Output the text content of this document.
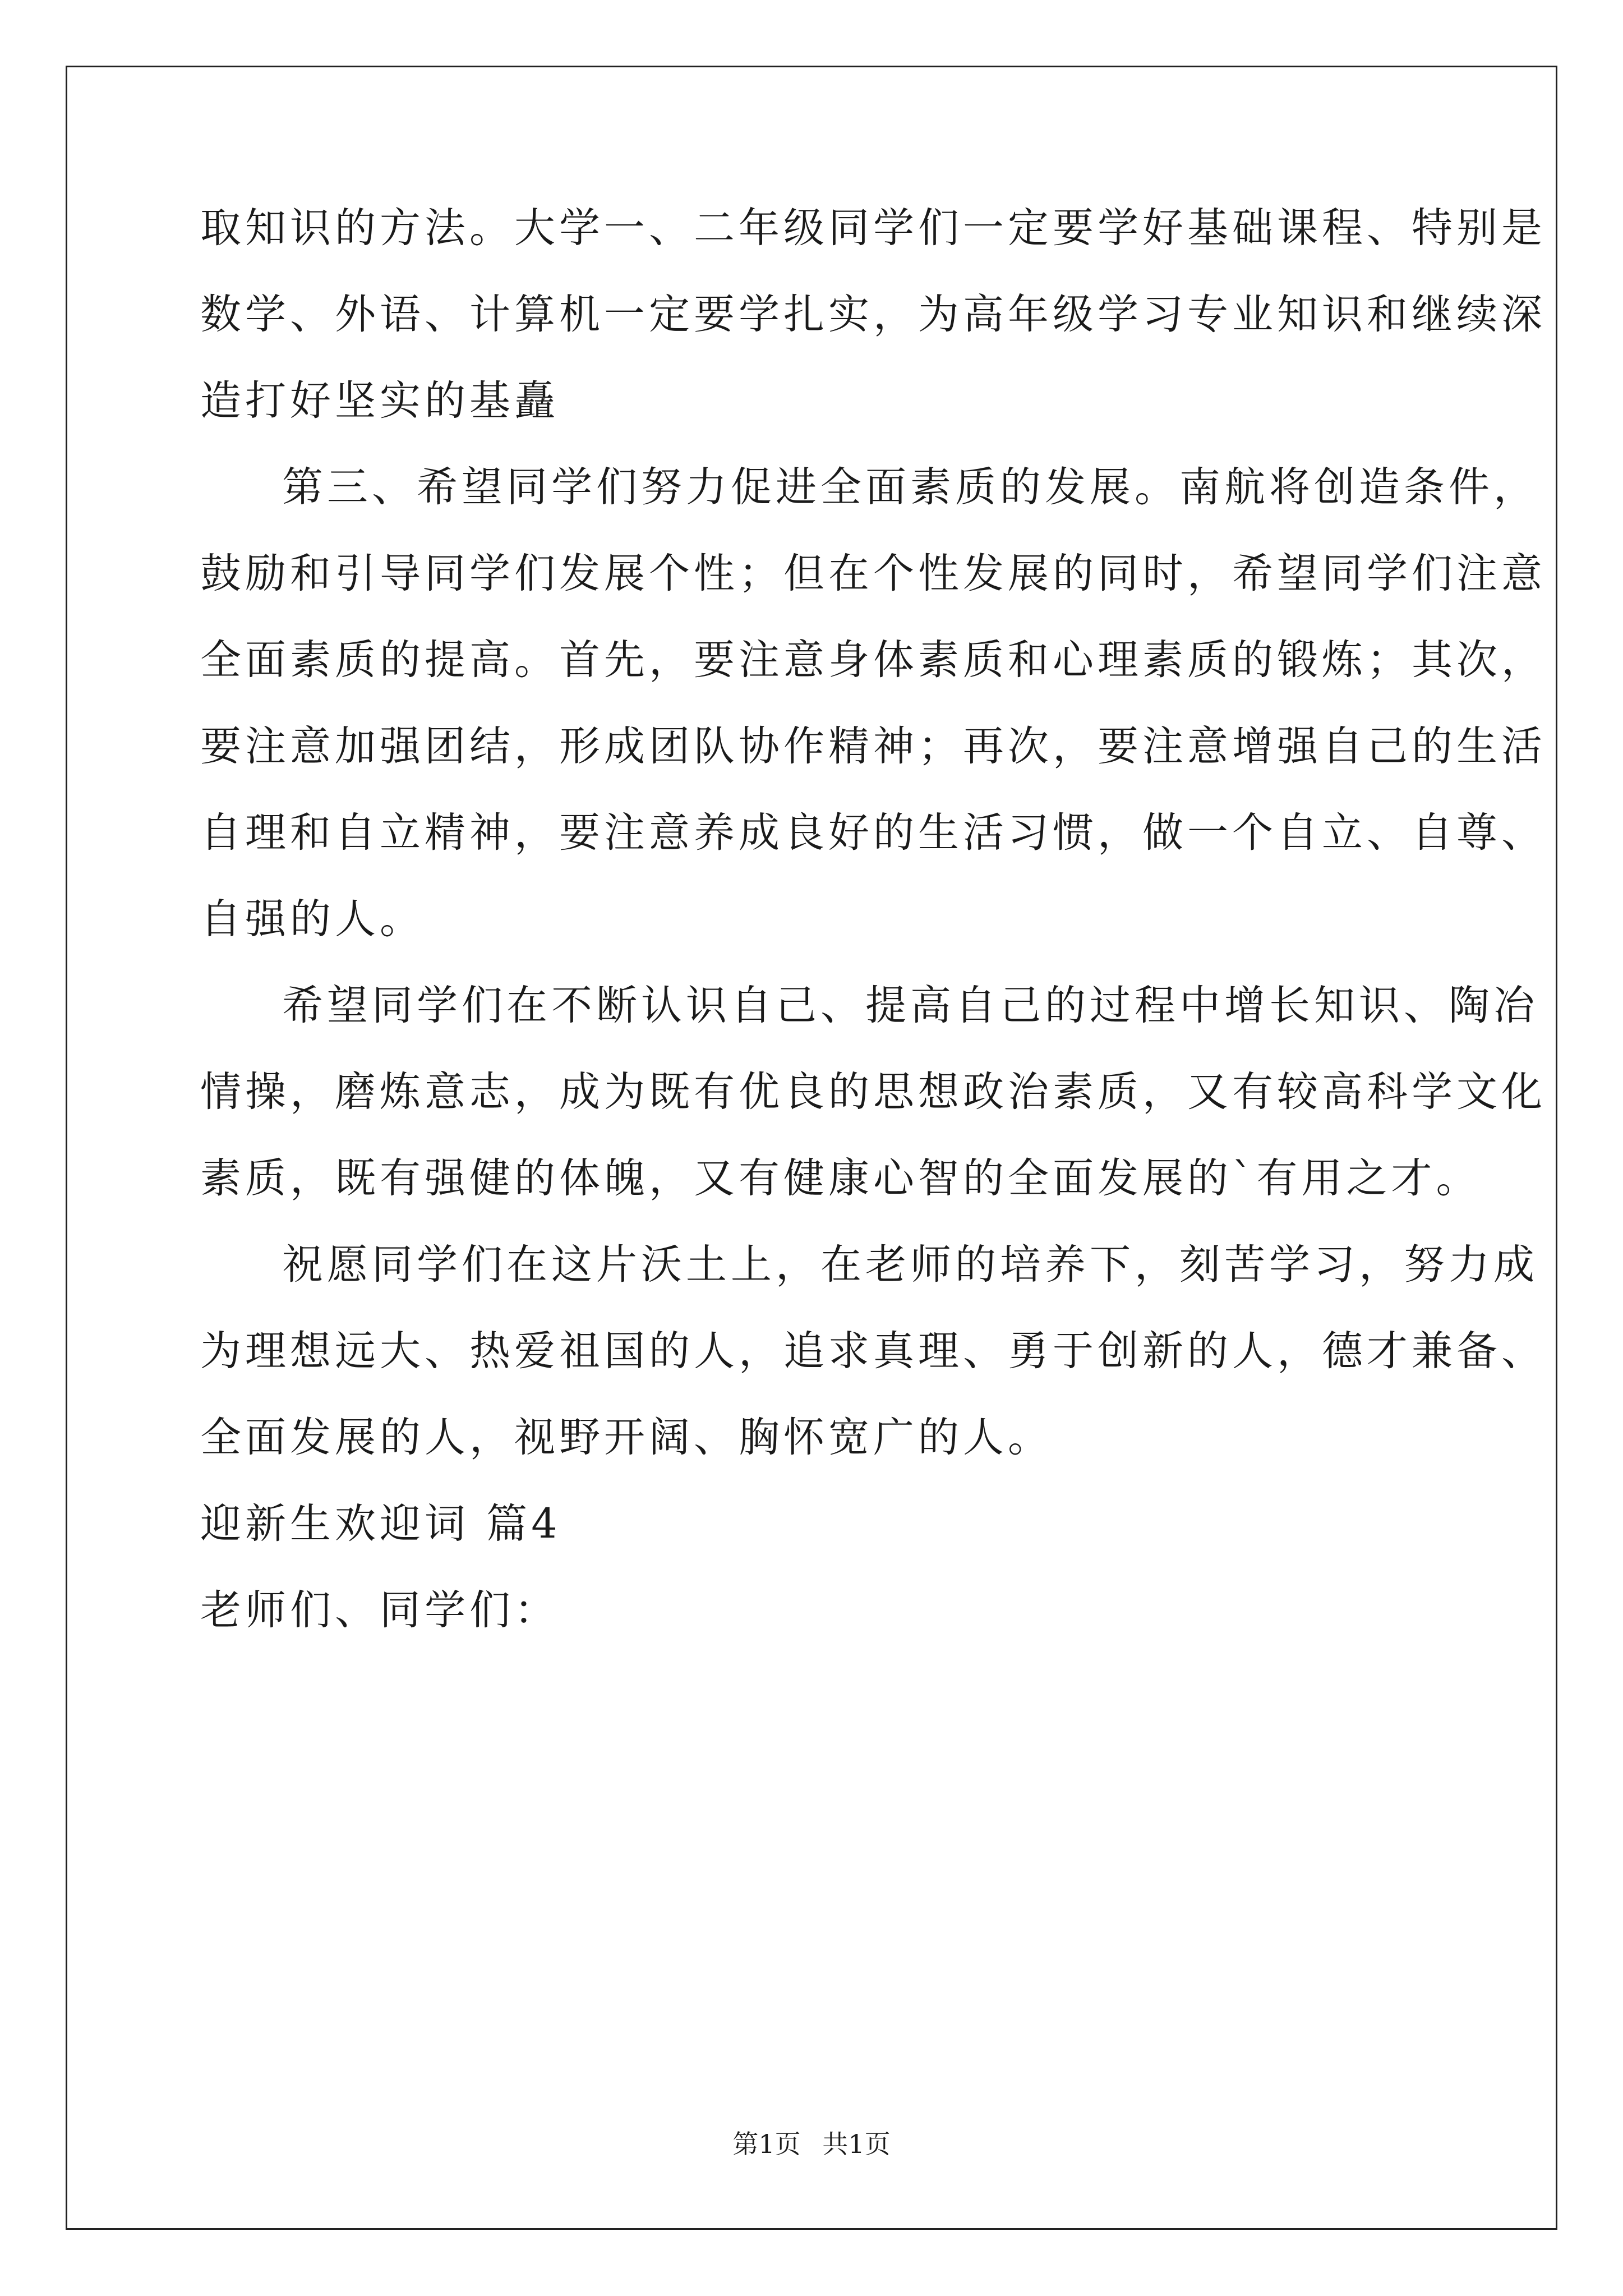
取知识的方法。大学一、二年级同学们一定要学好基础课程、特别是
数学、外语、计算机一定要学扎实，为高年级学习专业知识和继续深
造打好坚实的基矗
第三、希望同学们努力促进全面素质的发展。南航将创造条件，
鼓励和引导同学们发展个性；但在个性发展的同时，希望同学们注意
全面素质的提高。首先，要注意身体素质和心理素质的锻炼；其次，
要注意加强团结，形成团队协作精神；再次，要注意增强自己的生活
自理和自立精神，要注意养成良好的生活习惯，做一个自立、自尊、
自强的人。
希望同学们在不断认识自己、提高自己的过程中增长知识、陶冶
情操，磨炼意志，成为既有优良的思想政治素质，又有较高科学文化
素质，既有强健的体魄，又有健康心智的全面发展的`有用之才。
祝愿同学们在这片沃土上，在老师的培养下，刻苦学习，努力成
为理想远大、热爱祖国的人，追求真理、勇于创新的人，德才兼备、
全面发展的人，视野开阔、胸怀宽广的人。
迎新生欢迎词 篇4
老师们、同学们：
第1页 共1页
